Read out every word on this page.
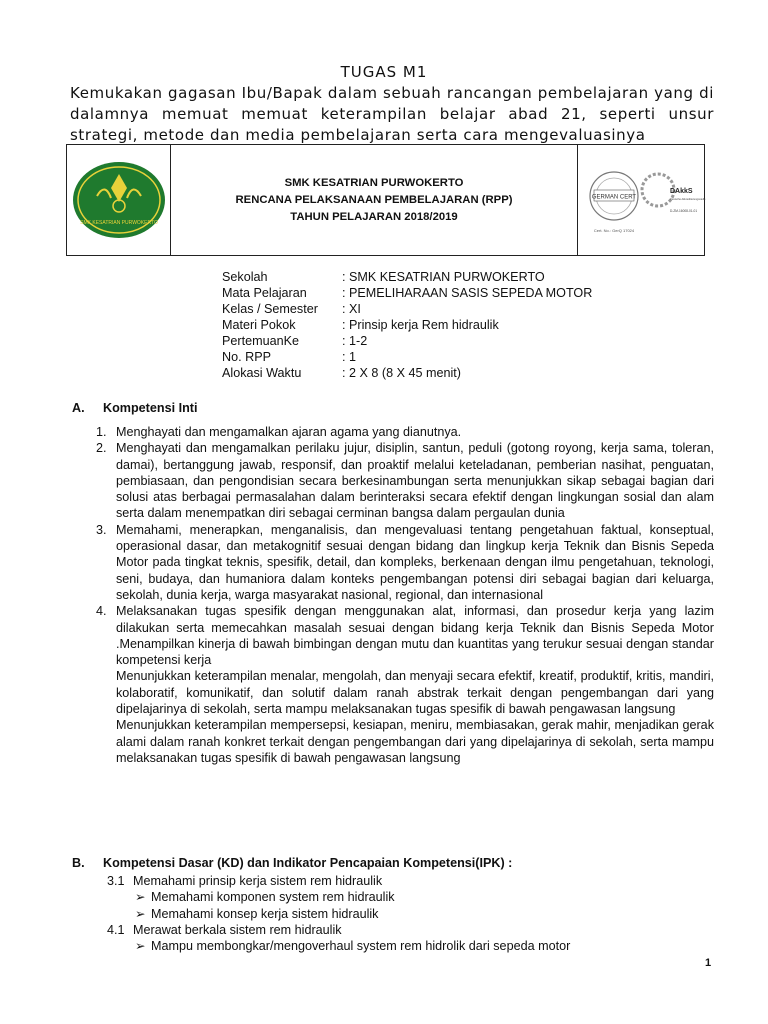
TUGAS M1
Kemukakan gagasan Ibu/Bapak dalam sebuah rancangan pembelajaran yang di dalamnya memuat memuat keterampilan belajar abad 21, seperti unsur strategi, metode dan media pembelajaran serta cara mengevaluasinya
SMK KESATRIAN PURWOKERTO
SMK KESATRIAN PURWOKERTO
RENCANA PELAKSANAAN PEMBELAJARAN (RPP)
TAHUN PELAJARAN 2018/2019
GERMAN CERT
Cert. No.: GerQ 17024
DAkkS
Deutsche Akkreditierungsstelle
D-ZM-16008-01-01
Sekolah	: SMK KESATRIAN PURWOKERTO
Mata Pelajaran	: PEMELIHARAAN SASIS SEPEDA MOTOR
Kelas / Semester	: XI
Materi Pokok	: Prinsip kerja Rem hidraulik
PertemuanKe	: 1-2
No. RPP	: 1
Alokasi Waktu	: 2 X 8 (8 X 45 menit)
A.	Kompetensi Inti
1. Menghayati dan mengamalkan ajaran agama yang dianutnya.
2. Menghayati dan mengamalkan perilaku jujur, disiplin, santun, peduli (gotong royong, kerja sama, toleran, damai), bertanggung jawab, responsif, dan proaktif melalui keteladanan, pemberian nasihat, penguatan, pembiasaan, dan pengondisian secara berkesinambungan serta menunjukkan sikap sebagai bagian dari solusi atas berbagai permasalahan dalam berinteraksi secara efektif dengan lingkungan sosial dan alam serta dalam menempatkan diri sebagai cerminan bangsa dalam pergaulan dunia
3. Memahami, menerapkan, menganalisis, dan mengevaluasi tentang pengetahuan faktual, konseptual, operasional dasar, dan metakognitif sesuai dengan bidang dan lingkup kerja Teknik dan Bisnis Sepeda Motor pada tingkat teknis, spesifik, detail, dan kompleks, berkenaan dengan ilmu pengetahuan, teknologi, seni, budaya, dan humaniora dalam konteks pengembangan potensi diri sebagai bagian dari keluarga, sekolah, dunia kerja, warga masyarakat nasional, regional, dan internasional
4. Melaksanakan tugas spesifik dengan menggunakan alat, informasi, dan prosedur kerja yang lazim dilakukan serta memecahkan masalah sesuai dengan bidang kerja Teknik dan Bisnis Sepeda Motor .Menampilkan kinerja di bawah bimbingan dengan mutu dan kuantitas yang terukur sesuai dengan standar kompetensi kerja
Menunjukkan keterampilan menalar, mengolah, dan menyaji secara efektif, kreatif, produktif, kritis, mandiri, kolaboratif, komunikatif, dan solutif dalam ranah abstrak terkait dengan pengembangan dari yang dipelajarinya di sekolah, serta mampu melaksanakan tugas spesifik di bawah pengawasan langsung
Menunjukkan keterampilan mempersepsi, kesiapan, meniru, membiasakan, gerak mahir, menjadikan gerak alami dalam ranah konkret terkait dengan pengembangan dari yang dipelajarinya di sekolah, serta mampu melaksanakan tugas spesifik di bawah pengawasan langsung
B.	Kompetensi Dasar (KD) dan Indikator Pencapaian Kompetensi(IPK) :
3.1 Memahami prinsip kerja sistem rem hidraulik
➢ Memahami komponen system rem hidraulik
➢ Memahami konsep kerja sistem hidraulik
4.1 Merawat berkala sistem rem hidraulik
➢ Mampu membongkar/mengoverhaul system rem hidrolik dari sepeda motor
1
